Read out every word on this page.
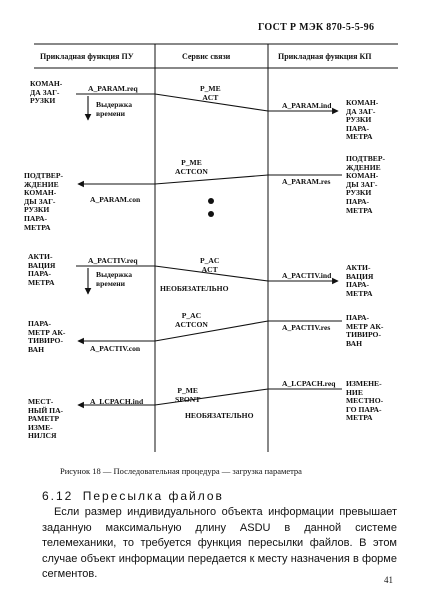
ГОСТ Р МЭК 870-5-5-96
Прикладная функция ПУ	Сервис связи	Прикладная функция КП
КОМАН-
ДА ЗАГ-
РУЗКИ
ПОДТВЕР-
ЖДЕНИЕ
КОМАН-
ДЫ ЗАГ-
РУЗКИ
ПАРА-
МЕТРА
АКТИ-
ВАЦИЯ
ПАРА-
МЕТРА
ПАРА-
МЕТР АК-
ТИВИРО-
ВАН
МЕСТ-
НЫЙ ПА-
РАМЕТР
ИЗМЕ-
НИЛСЯ
КОМАН-
ДА ЗАГ-
РУЗКИ
ПАРА-
МЕТРА
ПОДТВЕР-
ЖДЕНИЕ
КОМАН-
ДЫ ЗАГ-
РУЗКИ
ПАРА-
МЕТРА
АКТИ-
ВАЦИЯ
ПАРА-
МЕТРА
ПАРА-
МЕТР АК-
ТИВИРО-
ВАН
ИЗМЕНЕ-
НИЕ
МЕСТНО-
ГО ПАРА-
МЕТРА
A_PARAM.req
Выдержка
времени
P_ME
ACT
A_PARAM.ind
A_PARAM.res
P_ME
ACTCON
A_PARAM.con
A_PACTIV.req
Выдержка
времени
P_AC
ACT
НЕОБЯЗАТЕЛЬНО
A_PACTIV.ind
A_PACTIV.res
P_AC
ACTCON
A_PACTIV.con
A_LCPACH.req
P_ME
SPONT
НЕОБЯЗАТЕЛЬНО
A_LCPACH.ind
Рисунок 18 — Последовательная процедура — загрузка параметра
6.12 Пересылка файлов
Если размер индивидуального объекта информации превышает заданную максимальную длину ASDU в данной системе телемеханики, то требуется функция пересылки файлов. В этом случае объект информации передается к месту назначения в форме сегментов.	41
